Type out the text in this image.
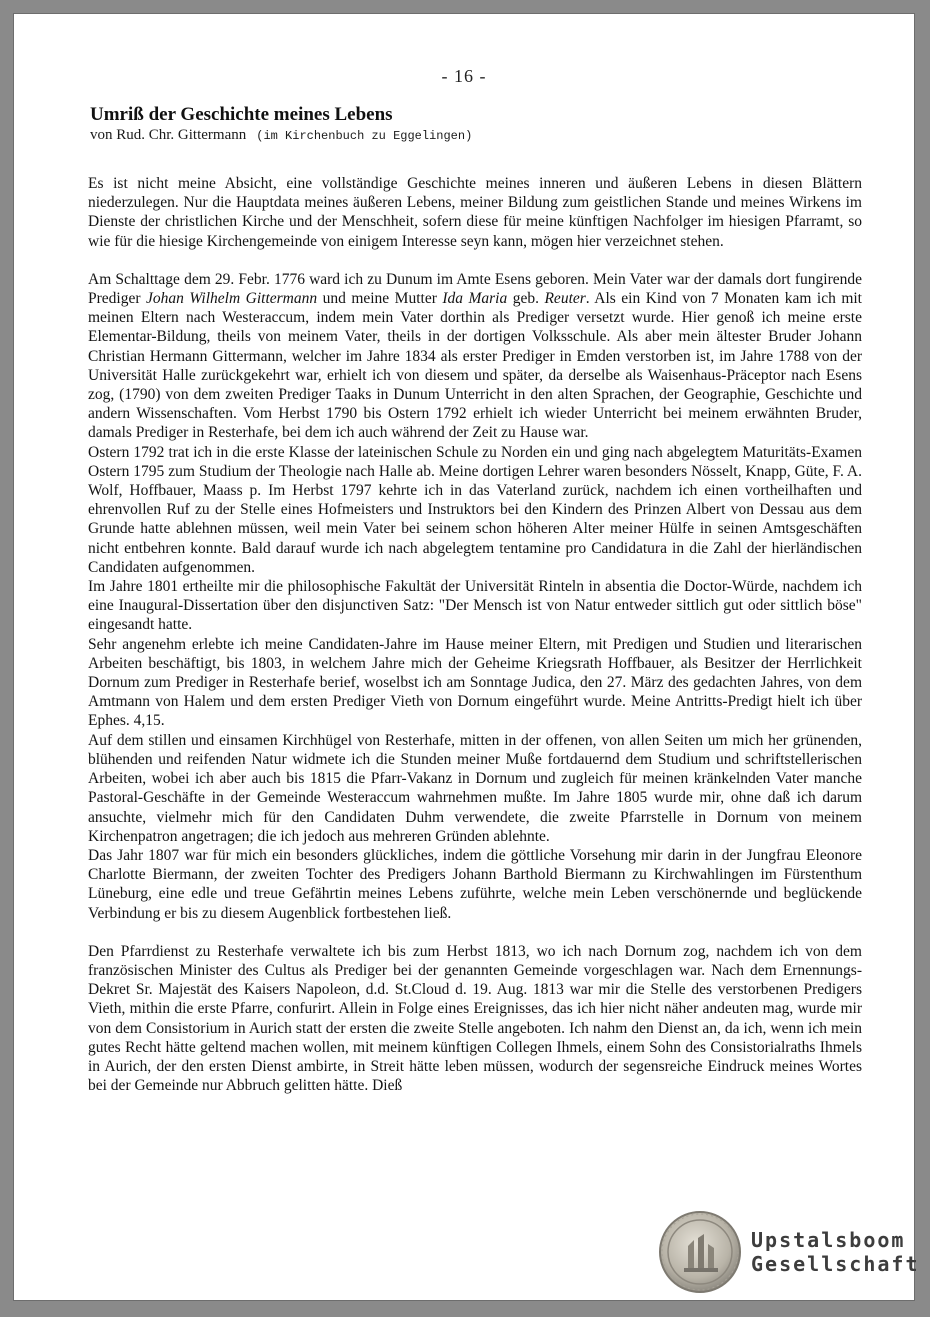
- 16 -
Umriß der Geschichte meines Lebens
von Rud. Chr. Gittermann (im Kirchenbuch zu Eggelingen)

Es ist nicht meine Absicht, eine vollständige Geschichte meines inneren und äußeren Lebens in diesen Blättern niederzulegen. Nur die Hauptdata meines äußeren Lebens, meiner Bildung zum geistlichen Stande und meines Wirkens im Dienste der christlichen Kirche und der Menschheit, sofern diese für meine künftigen Nachfolger im hiesigen Pfarramt, so wie für die hiesige Kirchengemeinde von einigem Interesse seyn kann, mögen hier verzeichnet stehen.

Am Schalttage dem 29. Febr. 1776 ward ich zu Dunum im Amte Esens geboren. Mein Vater war der damals dort fungirende Prediger Johan Wilhelm Gittermann und meine Mutter Ida Maria geb. Reuter. Als ein Kind von 7 Monaten kam ich mit meinen Eltern nach Westeraccum, indem mein Vater dorthin als Prediger versetzt wurde. Hier genoß ich meine erste Elementar-Bildung, theils von meinem Vater, theils in der dortigen Volksschule. Als aber mein ältester Bruder Johann Christian Hermann Gittermann, welcher im Jahre 1834 als erster Prediger in Emden verstorben ist, im Jahre 1788 von der Universität Halle zurückgekehrt war, erhielt ich von diesem und später, da derselbe als Waisenhaus-Präceptor nach Esens zog, (1790) von dem zweiten Prediger Taaks in Dunum Unterricht in den alten Sprachen, der Geographie, Geschichte und andern Wissenschaften. Vom Herbst 1790 bis Ostern 1792 erhielt ich wieder Unterricht bei meinem erwähnten Bruder, damals Prediger in Resterhafe, bei dem ich auch während der Zeit zu Hause war.

Ostern 1792 trat ich in die erste Klasse der lateinischen Schule zu Norden ein und ging nach abgelegtem Maturitäts-Examen Ostern 1795 zum Studium der Theologie nach Halle ab. Meine dortigen Lehrer waren besonders Nösselt, Knapp, Güte, F. A. Wolf, Hoffbauer, Maass p. Im Herbst 1797 kehrte ich in das Vaterland zurück, nachdem ich einen vortheilhaften und ehrenvollen Ruf zu der Stelle eines Hofmeisters und Instruktors bei den Kindern des Prinzen Albert von Dessau aus dem Grunde hatte ablehnen müssen, weil mein Vater bei seinem schon höheren Alter meiner Hülfe in seinen Amtsgeschäften nicht entbehren konnte. Bald darauf wurde ich nach abgelegtem tentamine pro Candidatura in die Zahl der hierländischen Candidaten aufgenommen.

Im Jahre 1801 ertheilte mir die philosophische Fakultät der Universität Rinteln in absentia die Doctor-Würde, nachdem ich eine Inaugural-Dissertation über den disjunctiven Satz: "Der Mensch ist von Natur entweder sittlich gut oder sittlich böse" eingesandt hatte.

Sehr angenehm erlebte ich meine Candidaten-Jahre im Hause meiner Eltern, mit Predigen und Studien und literarischen Arbeiten beschäftigt, bis 1803, in welchem Jahre mich der Geheime Kriegsrath Hoffbauer, als Besitzer der Herrlichkeit Dornum zum Prediger in Resterhafe berief, woselbst ich am Sonntage Judica, den 27. März des gedachten Jahres, von dem Amtmann von Halem und dem ersten Prediger Vieth von Dornum eingeführt wurde. Meine Antritts-Predigt hielt ich über Ephes. 4,15.

Auf dem stillen und einsamen Kirchhügel von Resterhafe, mitten in der offenen, von allen Seiten um mich her grünenden, blühenden und reifenden Natur widmete ich die Stunden meiner Muße fortdauernd dem Studium und schriftstellerischen Arbeiten, wobei ich aber auch bis 1815 die Pfarr-Vakanz in Dornum und zugleich für meinen kränkelnden Vater manche Pastoral-Geschäfte in der Gemeinde Westeraccum wahrnehmen mußte. Im Jahre 1805 wurde mir, ohne daß ich darum ansuchte, vielmehr mich für den Candidaten Duhm verwendete, die zweite Pfarrstelle in Dornum von meinem Kirchenpatron angetragen; die ich jedoch aus mehreren Gründen ablehnte.

Das Jahr 1807 war für mich ein besonders glückliches, indem die göttliche Vorsehung mir darin in der Jungfrau Eleonore Charlotte Biermann, der zweiten Tochter des Predigers Johann Barthold Biermann zu Kirchwahlingen im Fürstenthum Lüneburg, eine edle und treue Gefährtin meines Lebens zuführte, welche mein Leben verschönernde und beglückende Verbindung er bis zu diesem Augenblick fortbestehen ließ.

Den Pfarrdienst zu Resterhafe verwaltete ich bis zum Herbst 1813, wo ich nach Dornum zog, nachdem ich von dem französischen Minister des Cultus als Prediger bei der genannten Gemeinde vorgeschlagen war. Nach dem Ernennungs-Dekret Sr. Majestät des Kaisers Napoleon, d.d. St.Cloud d. 19. Aug. 1813 war mir die Stelle des verstorbenen Predigers Vieth, mithin die erste Pfarre, confurirt. Allein in Folge eines Ereignisses, das ich hier nicht näher andeuten mag, wurde mir von dem Consistorium in Aurich statt der ersten die zweite Stelle angeboten. Ich nahm den Dienst an, da ich, wenn ich mein gutes Recht hätte geltend machen wollen, mit meinem künftigen Collegen Ihmels, einem Sohn des Consistorialraths Ihmels in Aurich, der den ersten Dienst ambirte, in Streit hätte leben müssen, wodurch der segensreiche Eindruck meines Wortes bei der Gemeinde nur Abbruch gelitten hätte. Dieß

Upstalsboom
Gesellschaft
